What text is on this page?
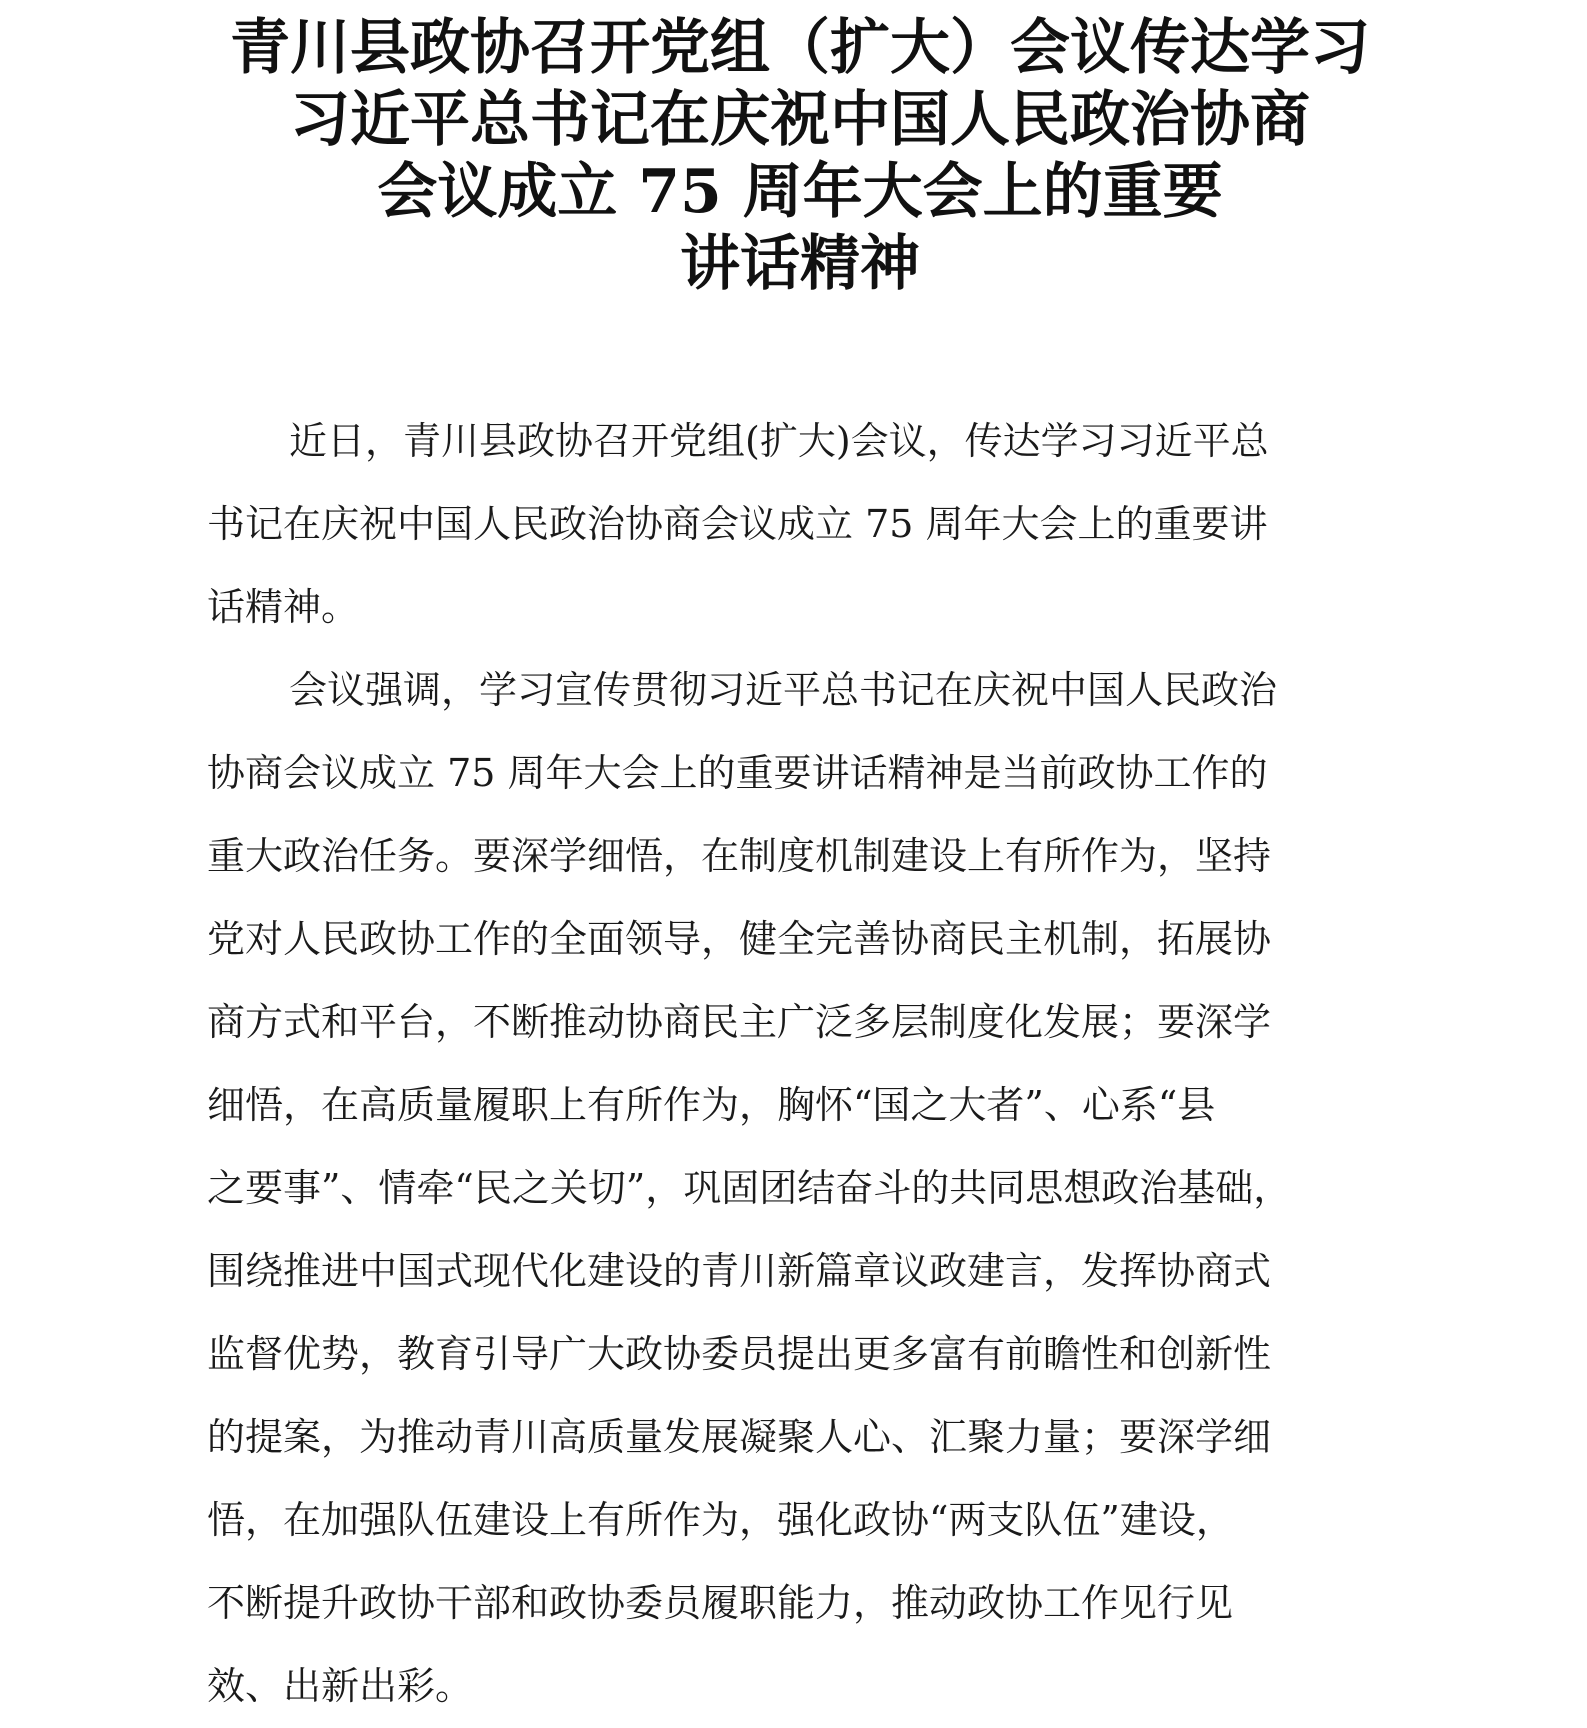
青川县政协召开党组（扩大）会议传达学习
习近平总书记在庆祝中国人民政治协商
会议成立 75 周年大会上的重要
讲话精神

近日，青川县政协召开党组(扩大)会议，传达学习习近平总
书记在庆祝中国人民政治协商会议成立 75 周年大会上的重要讲
话精神。

会议强调，学习宣传贯彻习近平总书记在庆祝中国人民政治
协商会议成立 75 周年大会上的重要讲话精神是当前政协工作的
重大政治任务。要深学细悟，在制度机制建设上有所作为，坚持
党对人民政协工作的全面领导，健全完善协商民主机制，拓展协
商方式和平台，不断推动协商民主广泛多层制度化发展；要深学
细悟，在高质量履职上有所作为，胸怀“国之大者”、心系“县
之要事”、情牵“民之关切”，巩固团结奋斗的共同思想政治基础，
围绕推进中国式现代化建设的青川新篇章议政建言，发挥协商式
监督优势，教育引导广大政协委员提出更多富有前瞻性和创新性
的提案，为推动青川高质量发展凝聚人心、汇聚力量；要深学细
悟，在加强队伍建设上有所作为，强化政协“两支队伍”建设，
不断提升政协干部和政协委员履职能力，推动政协工作见行见
效、出新出彩。
